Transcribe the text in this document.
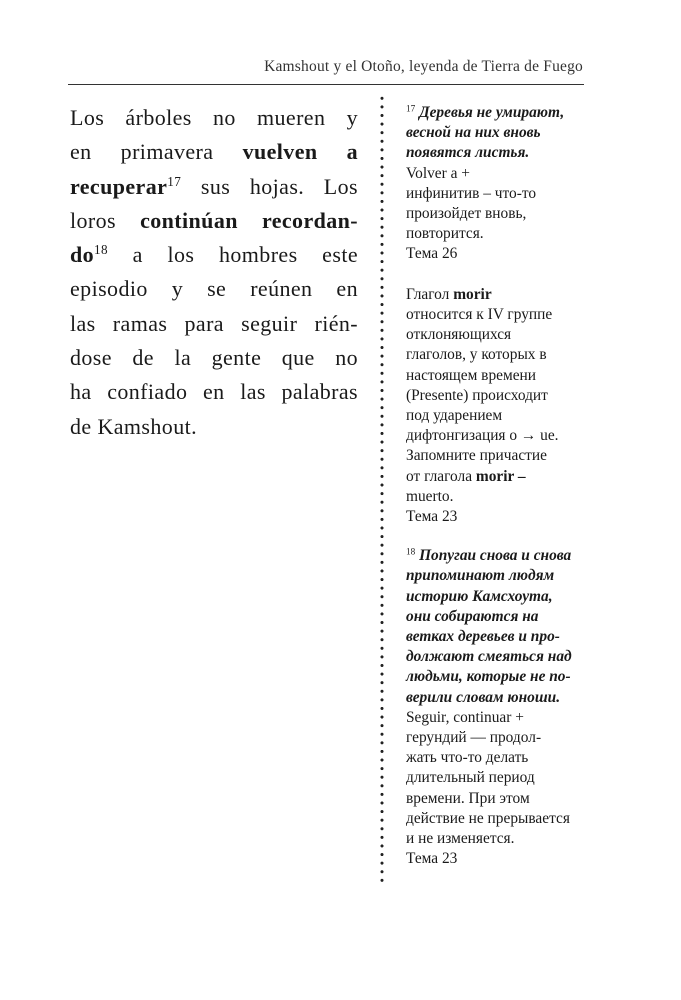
Kamshout y el Otoño, leyenda de Tierra de Fuego
Los árboles no mueren y
en primavera vuelven a
recuperar$^{17}$ sus hojas. Los
loros continúan recordan-
$do^{18}$ a los hombres este
episodio y se reúnen en
las ramas para seguir rién-
dose de la gente que no
ha confiado en las palabras
de Kamshout.
$^{17}$ Деревья не умирают,
весной на них вновь
появятся листья.
Volver a +
инфинитив – что-то
произойдет вновь,
повторится.
Тема 26
Глагол morir
относится к IV группе
отклоняющихся
глаголов, у которых в
настоящем времени
(Presente) происходит
под ударением
дифтонгизация о → ue.
Запомните причастие
от глагола morir –
muerto.
Тема 23
$^{18}$ Попугаи снова и снова
припоминают людям
историю Камсхоута,
они собираются на
ветках деревьев и про-
должают смеяться над
людьми, которые не по-
верили словам юноши.
Seguir, continuar +
герундий — продол-
жать что-то делать
длительный период
времени. При этом
действие не прерывается
и не изменяется.
Тема 23
